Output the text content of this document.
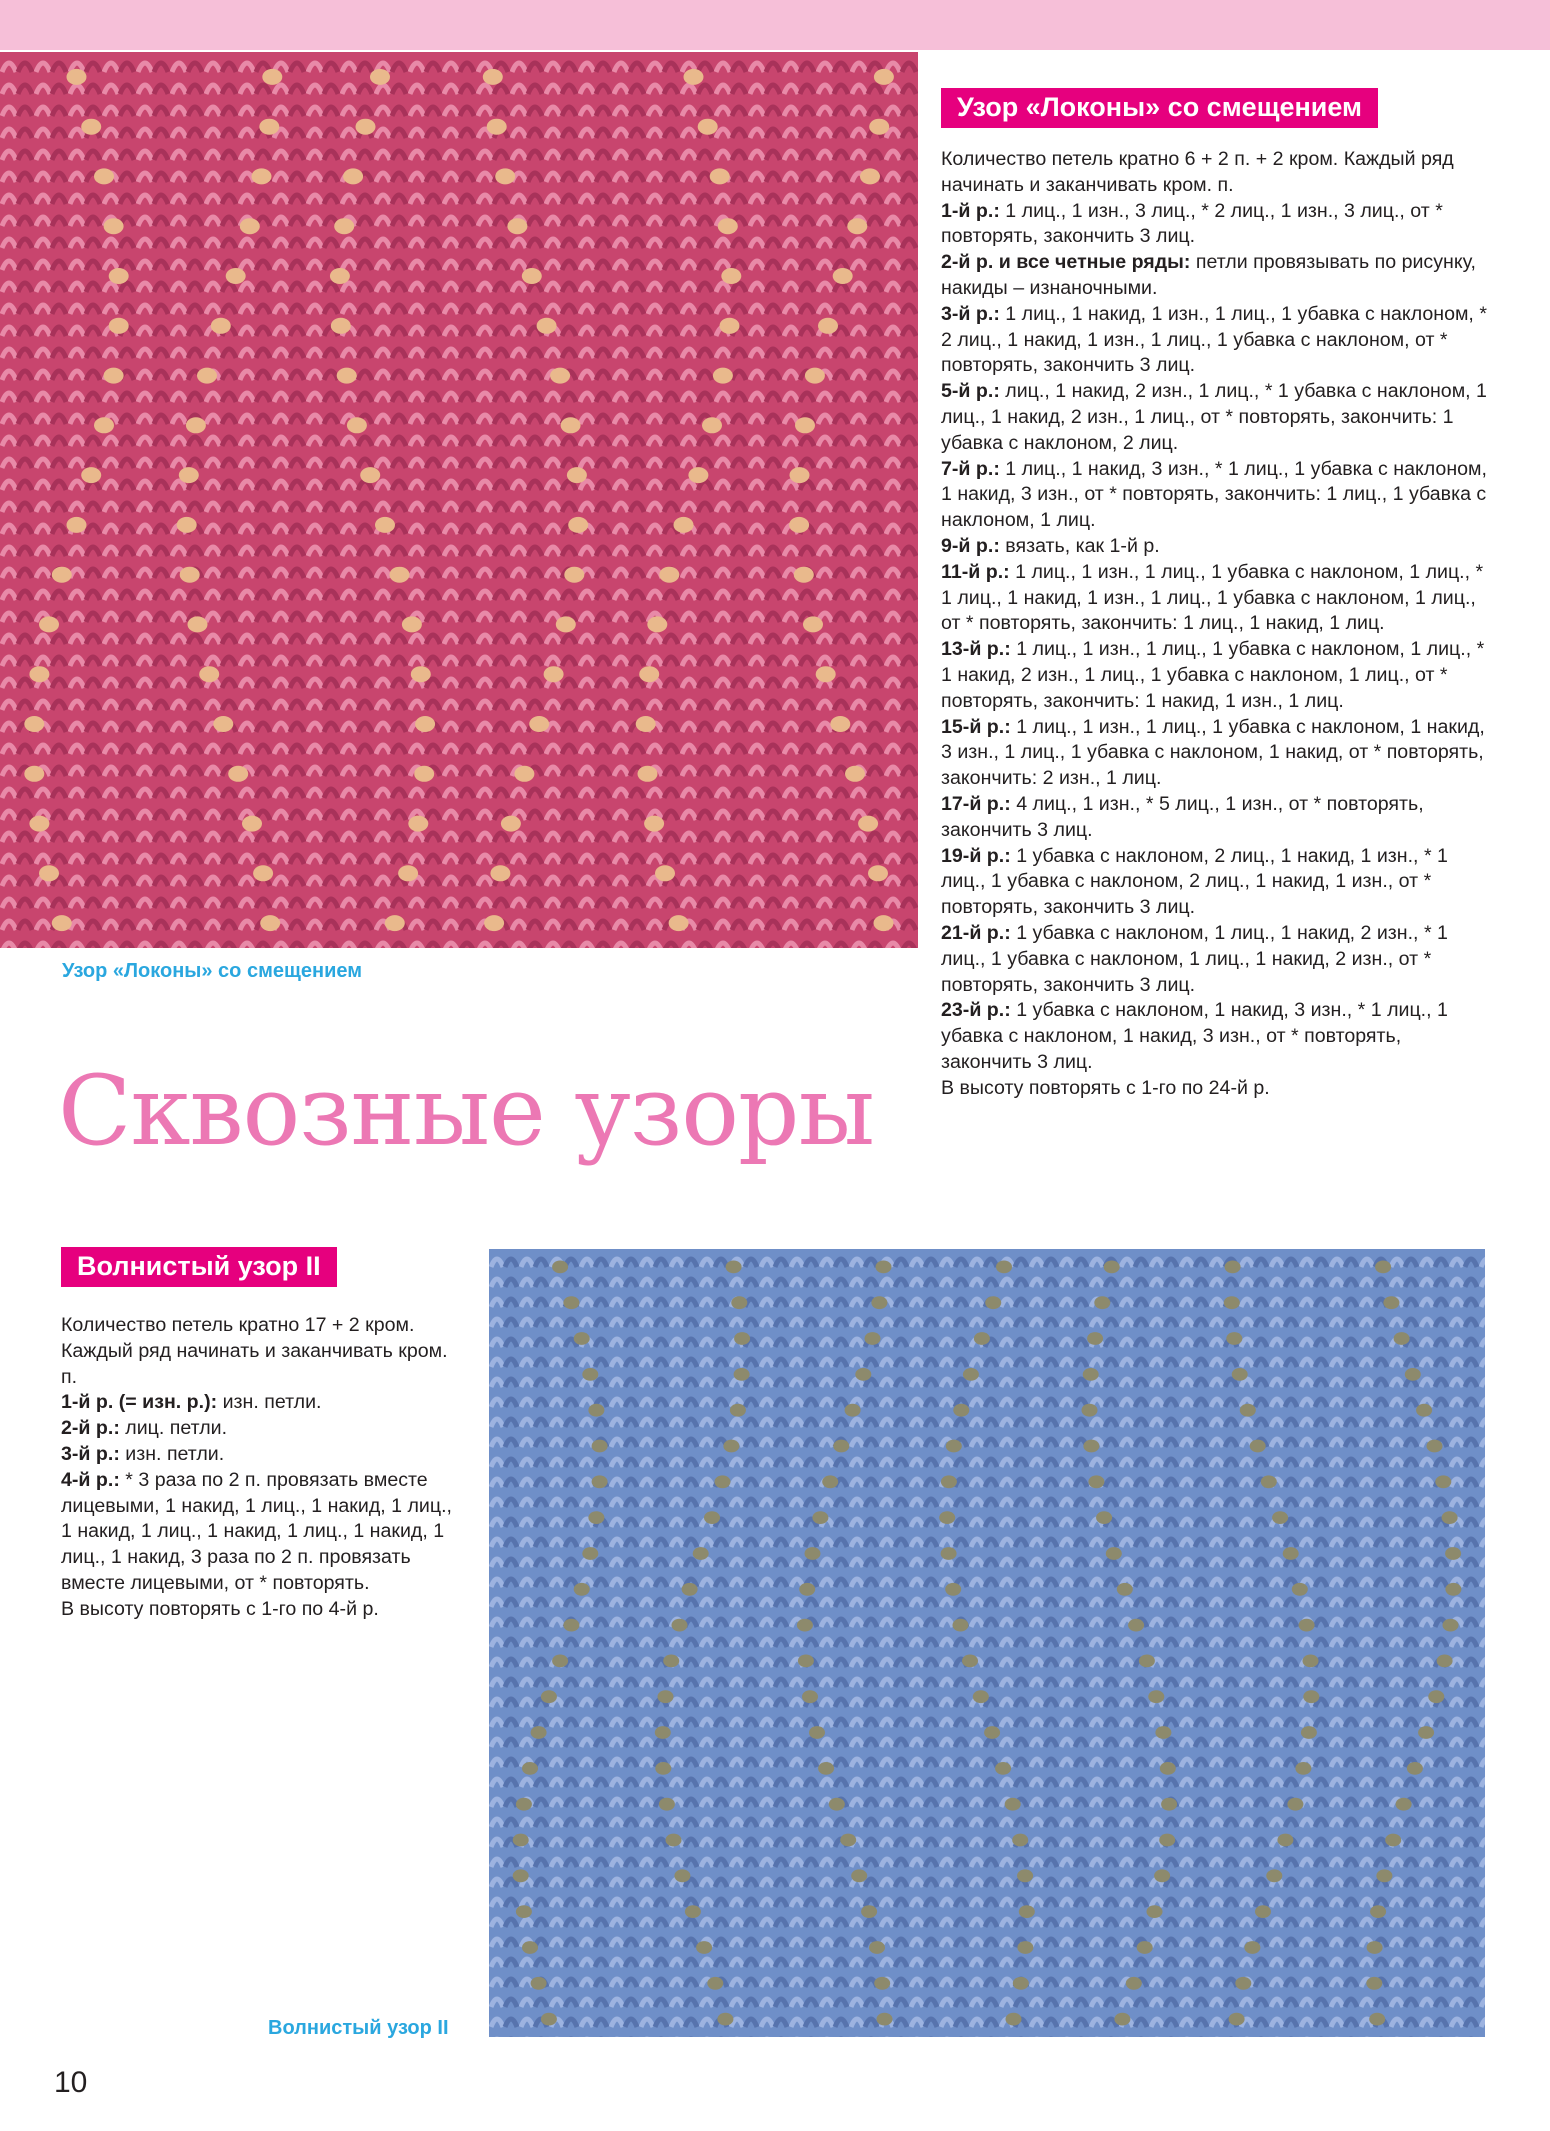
Узор «Локоны» со смещением
Узор «Локоны» со смещением

Количество петель кратно 6 + 2 п. + 2 кром. Каждый ряд начинать и заканчивать кром. п.

1-й р.: 1 лиц., 1 изн., 3 лиц., * 2 лиц., 1 изн., 3 лиц., от * повторять, закончить 3 лиц.

2-й р. и все четные ряды: петли провязывать по рисунку, накиды – изнаночными.

3-й р.: 1 лиц., 1 накид, 1 изн., 1 лиц., 1 убавка с наклоном, * 2 лиц., 1 накид, 1 изн., 1 лиц., 1 убавка с наклоном, от * повторять, закончить 3 лиц.

5-й р.: лиц., 1 накид, 2 изн., 1 лиц., * 1 убавка с наклоном, 1 лиц., 1 накид, 2 изн., 1 лиц., от * повторять, закончить: 1 убавка с наклоном, 2 лиц.

7-й р.: 1 лиц., 1 накид, 3 изн., * 1 лиц., 1 убавка с наклоном, 1 накид, 3 изн., от * повторять, закончить: 1 лиц., 1 убавка с наклоном, 1 лиц.

9-й р.: вязать, как 1-й р.

11-й р.: 1 лиц., 1 изн., 1 лиц., 1 убавка с наклоном, 1 лиц., * 1 лиц., 1 накид, 1 изн., 1 лиц., 1 убавка с наклоном, 1 лиц., от * повторять, закончить: 1 лиц., 1 накид, 1 лиц.

13-й р.: 1 лиц., 1 изн., 1 лиц., 1 убавка с наклоном, 1 лиц., * 1 накид, 2 изн., 1 лиц., 1 убавка с наклоном, 1 лиц., от * повторять, закончить: 1 накид, 1 изн., 1 лиц.

15-й р.: 1 лиц., 1 изн., 1 лиц., 1 убавка с наклоном, 1 накид, 3 изн., 1 лиц., 1 убавка с наклоном, 1 накид, от * повторять, закончить: 2 изн., 1 лиц.

17-й р.: 4 лиц., 1 изн., * 5 лиц., 1 изн., от * повторять, закончить 3 лиц.

19-й р.: 1 убавка с наклоном, 2 лиц., 1 накид, 1 изн., * 1 лиц., 1 убавка с наклоном, 2 лиц., 1 накид, 1 изн., от * повторять, закончить 3 лиц.

21-й р.: 1 убавка с наклоном, 1 лиц., 1 накид, 2 изн., * 1 лиц., 1 убавка с наклоном, 1 лиц., 1 накид, 2 изн., от * повторять, закончить 3 лиц.

23-й р.: 1 убавка с наклоном, 1 накид, 3 изн., * 1 лиц., 1 убавка с наклоном, 1 накид, 3 изн., от * повторять, закончить 3 лиц.

В высоту повторять с 1-го по 24-й р.

Сквозные узоры
Волнистый узор II

Количество петель кратно 17 + 2 кром. Каждый ряд начинать и заканчивать кром. п.

1-й р. (= изн. р.): изн. петли.

2-й р.: лиц. петли.

3-й р.: изн. петли.

4-й р.: * 3 раза по 2 п. провязать вместе лицевыми, 1 накид, 1 лиц., 1 накид, 1 лиц., 1 накид, 1 лиц., 1 накид, 1 лиц., 1 накид, 1 лиц., 1 накид, 3 раза по 2 п. провязать вместе лицевыми, от * повторять.

В высоту повторять с 1-го по 4-й р.

Волнистый узор II
10
